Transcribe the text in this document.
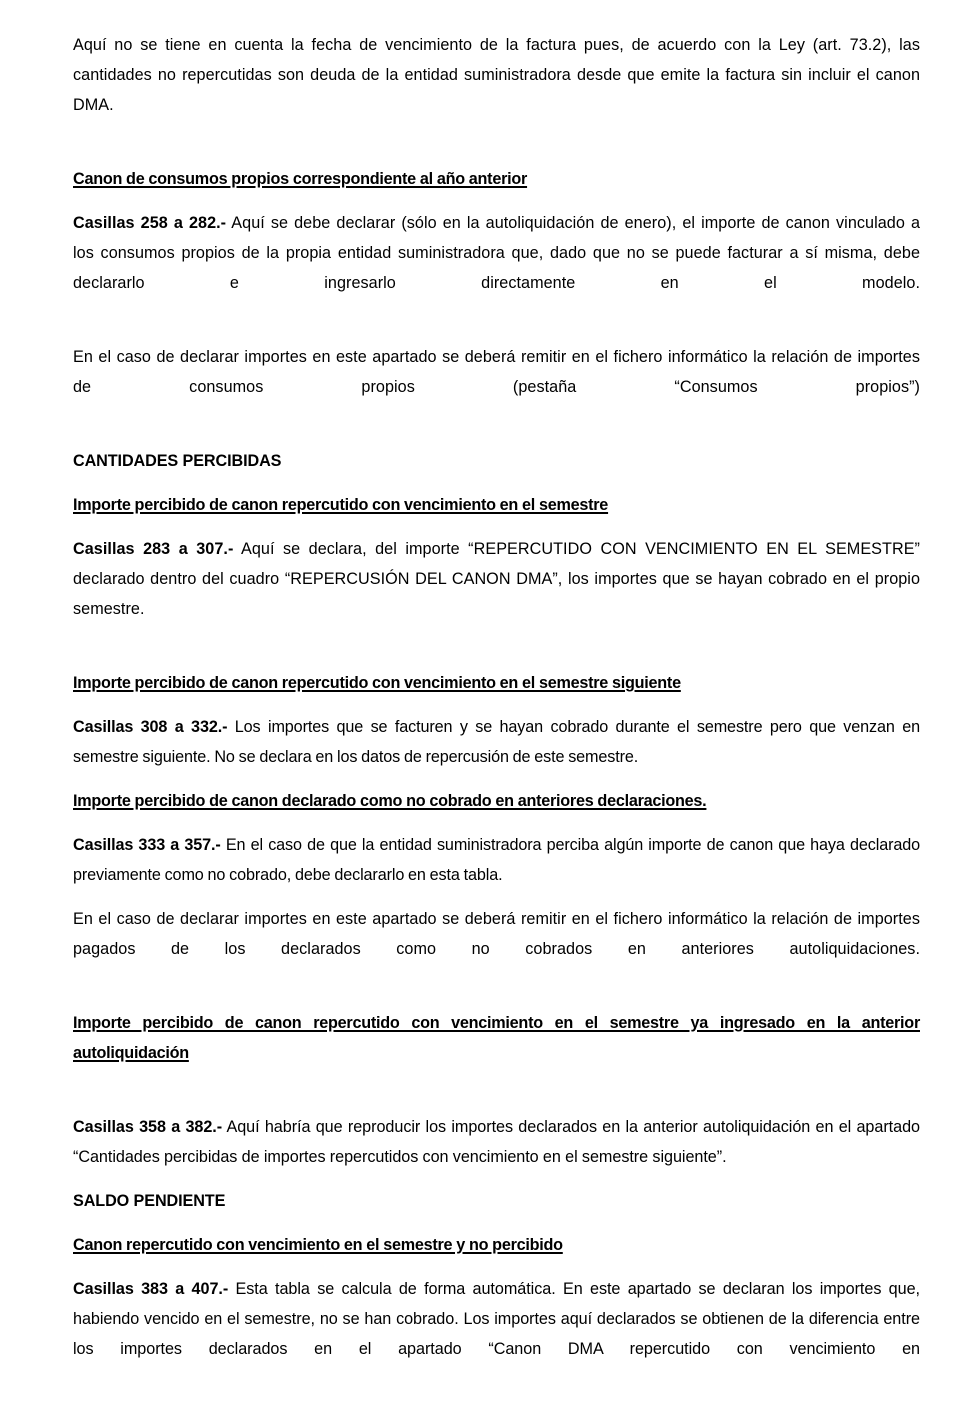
Aquí no se tiene en cuenta la fecha de vencimiento de la factura pues, de acuerdo con la Ley (art. 73.2), las cantidades no repercutidas son deuda de la entidad suministradora desde que emite la factura sin incluir el canon DMA.

Canon de consumos propios correspondiente al año anterior

Casillas 258 a 282.- Aquí se debe declarar (sólo en la autoliquidación de enero), el importe de canon vinculado a los consumos propios de la propia entidad suministradora que, dado que no se puede facturar a sí misma, debe declararlo e ingresarlo directamente en el modelo.

En el caso de declarar importes en este apartado se deberá remitir en el fichero informático la relación de importes de consumos propios (pestaña “Consumos propios”)

CANTIDADES PERCIBIDAS

Importe percibido de canon repercutido con vencimiento en el semestre

Casillas 283 a 307.- Aquí se declara, del importe “REPERCUTIDO CON VENCIMIENTO EN EL SEMESTRE” declarado dentro del cuadro “REPERCUSIÓN DEL CANON DMA”, los importes que se hayan cobrado en el propio semestre.

Importe percibido de canon repercutido con vencimiento en el semestre siguiente

Casillas 308 a 332.- Los importes que se facturen y se hayan cobrado durante el semestre pero que venzan en semestre siguiente. No se declara en los datos de repercusión de este semestre.

Importe percibido de canon declarado como no cobrado en anteriores declaraciones.

Casillas 333 a 357.- En el caso de que la entidad suministradora perciba algún importe de canon que haya declarado previamente como no cobrado, debe declararlo en esta tabla.

En el caso de declarar importes en este apartado se deberá remitir en el fichero informático la relación de importes pagados de los declarados como no cobrados en anteriores autoliquidaciones.

Importe percibido de canon repercutido con vencimiento en el semestre ya ingresado en la anterior autoliquidación

Casillas 358 a 382.- Aquí habría que reproducir los importes declarados en la anterior autoliquidación en el apartado “Cantidades percibidas de importes repercutidos con vencimiento en el semestre siguiente”.

SALDO PENDIENTE

Canon repercutido con vencimiento en el semestre y no percibido

Casillas 383 a 407.- Esta tabla se calcula de forma automática. En este apartado se declaran los importes que, habiendo vencido en el semestre, no se han cobrado. Los importes aquí declarados se obtienen de la diferencia entre los importes declarados en el apartado “Canon DMA repercutido con vencimiento en
